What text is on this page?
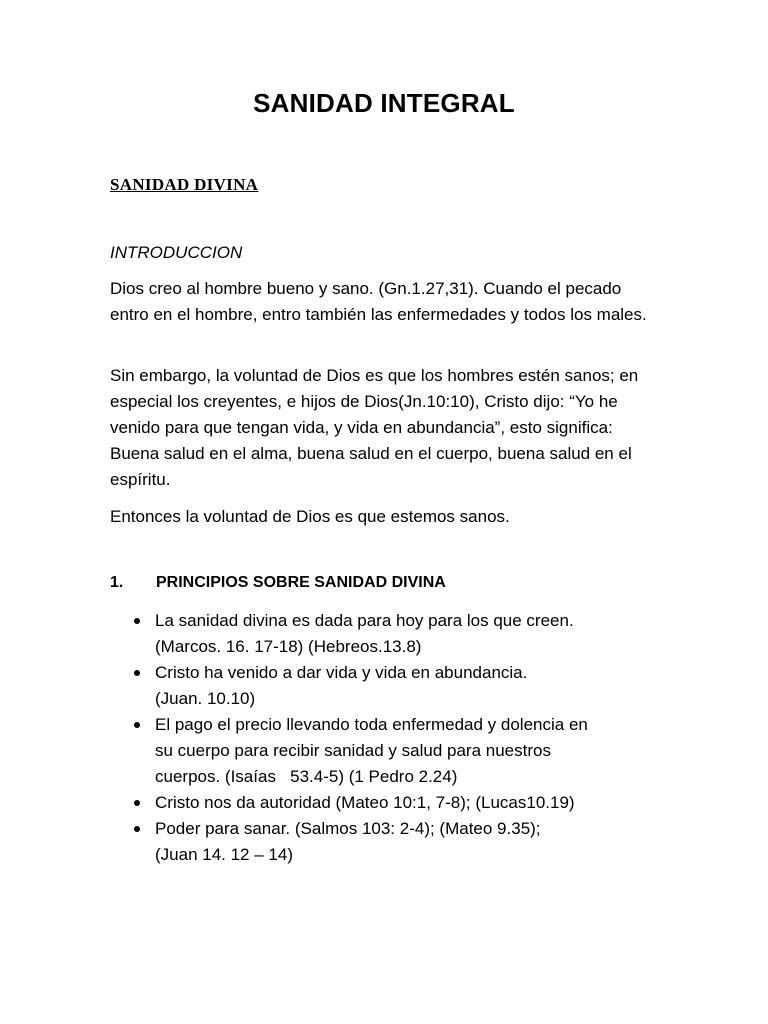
SANIDAD INTEGRAL
SANIDAD DIVINA
INTRODUCCION

Dios creo al hombre bueno y sano. (Gn.1.27,31). Cuando el pecado entro en el hombre, entro también las enfermedades y todos los males.

Sin embargo, la voluntad de Dios es que los hombres estén sanos; en especial los creyentes, e hijos de Dios(Jn.10:10), Cristo dijo: “Yo he venido para que tengan vida, y vida en abundancia”, esto significa: Buena salud en el alma, buena salud en el cuerpo, buena salud en el espíritu.

Entonces la voluntad de Dios es que estemos sanos.

1. PRINCIPIOS SOBRE SANIDAD DIVINA
La sanidad divina es dada para hoy para los que creen.
(Marcos. 16. 17-18) (Hebreos.13.8)
Cristo ha venido a dar vida y vida en abundancia.
(Juan. 10.10)
El pago el precio llevando toda enfermedad y dolencia en
su cuerpo para recibir sanidad y salud para nuestros
cuerpos. (Isaías   53.4-5) (1 Pedro 2.24)
Cristo nos da autoridad (Mateo 10:1, 7-8); (Lucas10.19)
Poder para sanar. (Salmos 103: 2-4); (Mateo 9.35);
(Juan 14. 12 – 14)
